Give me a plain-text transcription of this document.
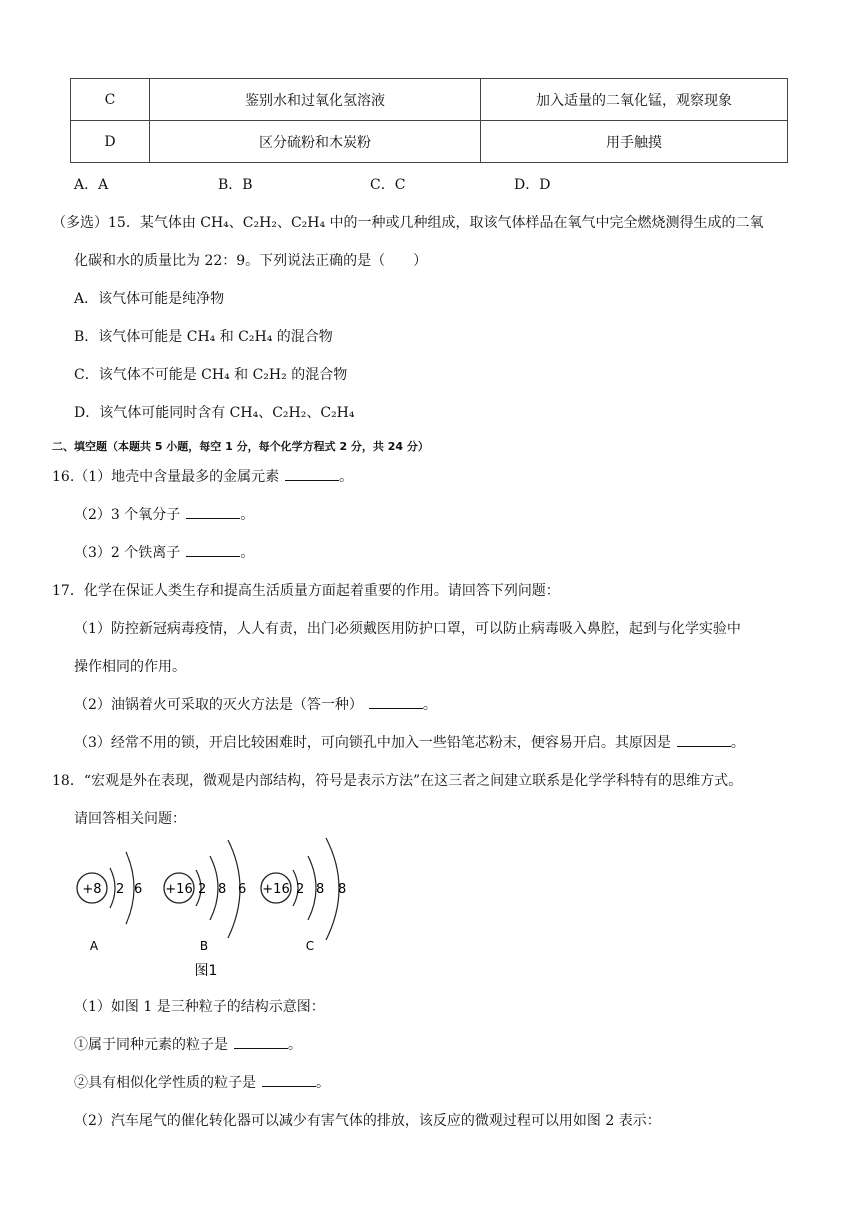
C	鉴别水和过氧化氢溶液	加入适量的二氧化锰，观察现象
D	区分硫粉和木炭粉	用手触摸
A．A	B．B	C．C	D．D
（多选）15．某气体由 CH₄、C₂H₂、C₂H₄ 中的一种或几种组成，取该气体样品在氧气中完全燃烧测得生成的二氧
化碳和水的质量比为 22：9。下列说法正确的是（　　）
A．该气体可能是纯净物
B．该气体可能是 CH₄ 和 C₂H₄ 的混合物
C．该气体不可能是 CH₄ 和 C₂H₂ 的混合物
D．该气体可能同时含有 CH₄、C₂H₂、C₂H₄
二、填空题（本题共 5 小题，每空 1 分，每个化学方程式 2 分，共 24 分）
16.（1）地壳中含量最多的金属元素	。
（2）3 个氧分子	。
（3）2 个铁离子	。
17．化学在保证人类生存和提高生活质量方面起着重要的作用。请回答下列问题：
（1）防控新冠病毒疫情，人人有责，出门必须戴医用防护口罩，可以防止病毒吸入鼻腔，起到与化学实验中
操作相同的作用。
（2）油锅着火可采取的灭火方法是（答一种）	。
（3）经常不用的锁，开启比较困难时，可向锁孔中加入一些铅笔芯粉末，便容易开启。其原因是	。
18．“宏观是外在表现，微观是内部结构，符号是表示方法”在这三者之间建立联系是化学学科特有的思维方式。
请回答相关问题：
+8 2 6
A
+16 2 8 6
B
+16 2 8 8
C
图1
（1）如图 1 是三种粒子的结构示意图：
①属于同种元素的粒子是	。
②具有相似化学性质的粒子是	。
（2）汽车尾气的催化转化器可以减少有害气体的排放，该反应的微观过程可以用如图 2 表示：
